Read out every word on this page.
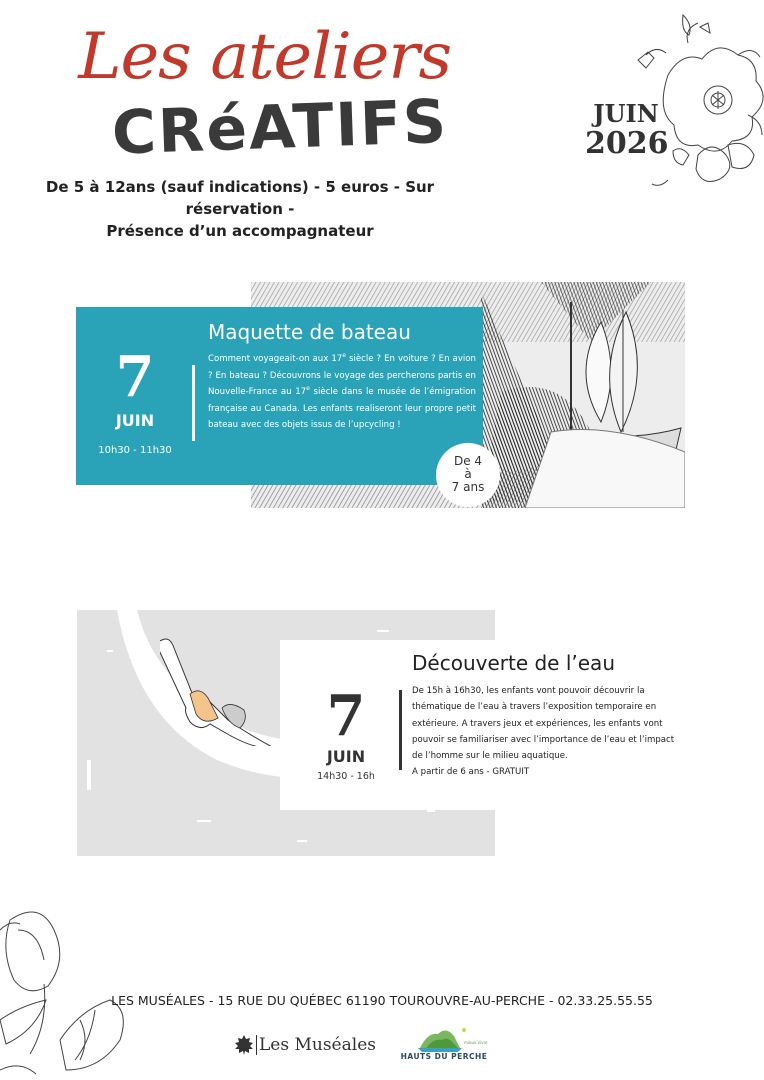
Les ateliers
CRéATIFS
De 5 à 12ans (sauf indications) - 5 euros - Sur réservation -
Présence d’un accompagnateur
JUIN
2026
7
JUIN
10h30 - 11h30
Maquette de bateau
Comment voyageait-on aux 17e siècle ? En voiture ? En avion ? En bateau ? Découvrons le voyage des percherons partis en Nouvelle-France au 17e siècle dans le musée de l’émigration française au Canada. Les enfants realiseront leur propre petit bateau avec des objets issus de l’upcycling !
De 4
à
7 ans
7
JUIN
14h30 - 16h
Découverte de l’eau
De 15h à 16h30, les enfants vont pouvoir découvrir la thématique de l’eau à travers l’exposition temporaire en extérieure. A travers jeux et expériences, les enfants vont pouvoir se familiariser avec l’importance de l’eau et l’impact de l’homme sur le milieu aquatique.
A partir de 6 ans - GRATUIT
LES MUSÉALES - 15 RUE DU QUÉBEC 61190 TOUROUVRE-AU-PERCHE - 02.33.25.55.55
Les Muséales	mieux vivre
HAUTS DU PERCHE
